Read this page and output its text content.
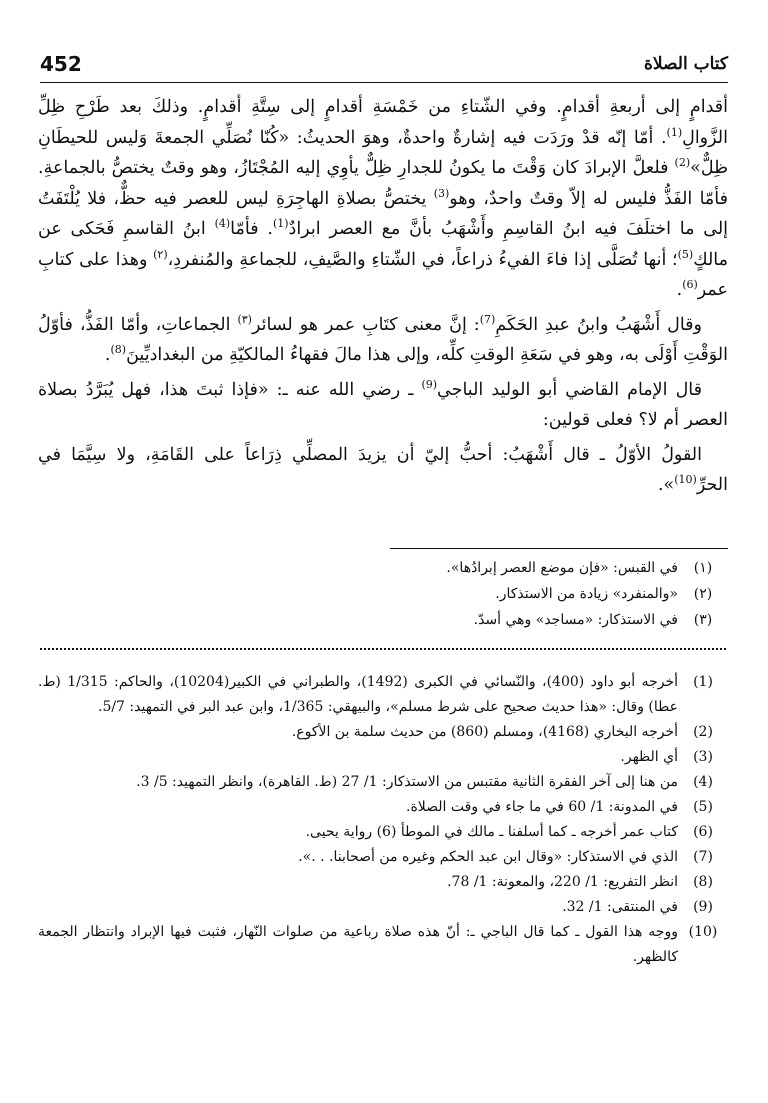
452	كتاب الصلاة

أقدامٍ إلى أربعةِ أقدامٍ. وفي الشّتاءِ من خَمْسَةِ أقدامٍ إلى سِتَّةِ أقدامٍ. وذلكَ بعد طَرْحِ ظِلِّ الزَّوالِ$^{(1)}$. أمّا إنّه قدْ ورَدَت فيه إشارةٌ واحدةٌ، وهوَ الحديثُ: «كُنّا نُصَلِّي الجمعةَ وَليس للحيطَانِ ظِلٌّ»$^{(2)}$ فلعلَّ الإبرادَ كان وَقْتَ ما يكونُ للجدارِ ظِلٌّ يأوِي إليه المُجْتَازُ، وهو وقتٌ يختصُّ بالجماعةِ. فأمّا الفَذُّ فليس له إلاّ وقتٌ واحدٌ، وهو$^{(3)}$ يختصُّ بصلاةِ الهاجِرَةِ ليس للعصر فيه حظٌّ، فلا يُلْتَفَتُ إلى ما اختلَفَ فيه ابنُ القاسِمِ وأَشْهَبُ بأنَّ مع العصر ابرادٌ$^{(1)}$. فأمّا$^{(4)}$ ابنُ القاسمِ فَحَكى عن مالكٍ$^{(5)}$؛ أنها تُصَلَّى إذا فاءَ الفيءُ ذراعاً، في الشّتاءِ والصَّيفِ، للجماعةِ والمُنفردِ،$^{(٢)}$ وهذا على كتابِ عمر$^{(6)}$.

وقال أَشْهَبُ وابنُ عبدِ الحَكَمِ$^{(7)}$: إنَّ معنى كتَابِ عمر هو لسائر$^{(٣)}$ الجماعاتِ، وأمّا الفَذُّ، فأوّلُ الوَقْتِ أَوْلَى به، وهو في سَعَةِ الوقتِ كلِّه، وإلى هذا مالَ فقهاءُ المالكيّةِ من البغداديِّينَ$^{(8)}$.

قال الإمام القاضي أبو الوليد الباجي$^{(9)}$ ـ رضي الله عنه ـ: «فإذا ثبتَ هذا، فهل يُبَرَّدُ بصلاة العصر أم لا؟ فعلى قولين:

القولُ الأوّلُ ـ قال أَشْهَبُ: أحبُّ إليّ أن يزيدَ المصلِّي ذِرَاعاً على القَامَةِ، ولا سِيَّمَا في الحرِّ$^{(10)}$».

(١)
في القبس: «فإن موضع العصر إبرادُها».
(٢)
«والمنفرد» زيادة من الاستذكار.
(٣)
في الاستذكار: «مساجد» وهي أسدّ.
(1)
أخرجه أبو داود (400)، والنّسائي في الكبرى (1492)، والطبراني في الكبير(10204)، والحاكم: 1/315 (ط. عطا) وقال: «هذا حديث صحيح على شرط مسلم»، والبيهقي: 1/365، وابن عبد البر في التمهيد: 5/7.
(2)
أخرجه البخاري (4168)، ومسلم (860) من حديث سلمة بن الأكوع.
(3)
أي الظهر.
(4)
من هنا إلى آخر الفقرة الثانية مقتبس من الاستذكار: 1/ 27 (ط. القاهرة)، وانظر التمهيد: 5/ 3.
(5)
في المدونة: 1/ 60 في ما جاء في وقت الصلاة.
(6)
كتاب عمر أخرجه ـ كما أسلفنا ـ مالك في الموطأ (6) رواية يحيى.
(7)
الذي في الاستذكار: «وقال ابن عبد الحكم وغيره من أصحابنا. . .».
(8)
انظر التفريع: 1/ 220، والمعونة: 1/ 78.
(9)
في المنتقى: 1/ 32.
(10)
ووجه هذا القول ـ كما قال الباجي ـ: أنّ هذه صلاة رباعية من صلوات النّهار، فثبت فيها الإبراد وانتظار الجمعة كالظهر.
